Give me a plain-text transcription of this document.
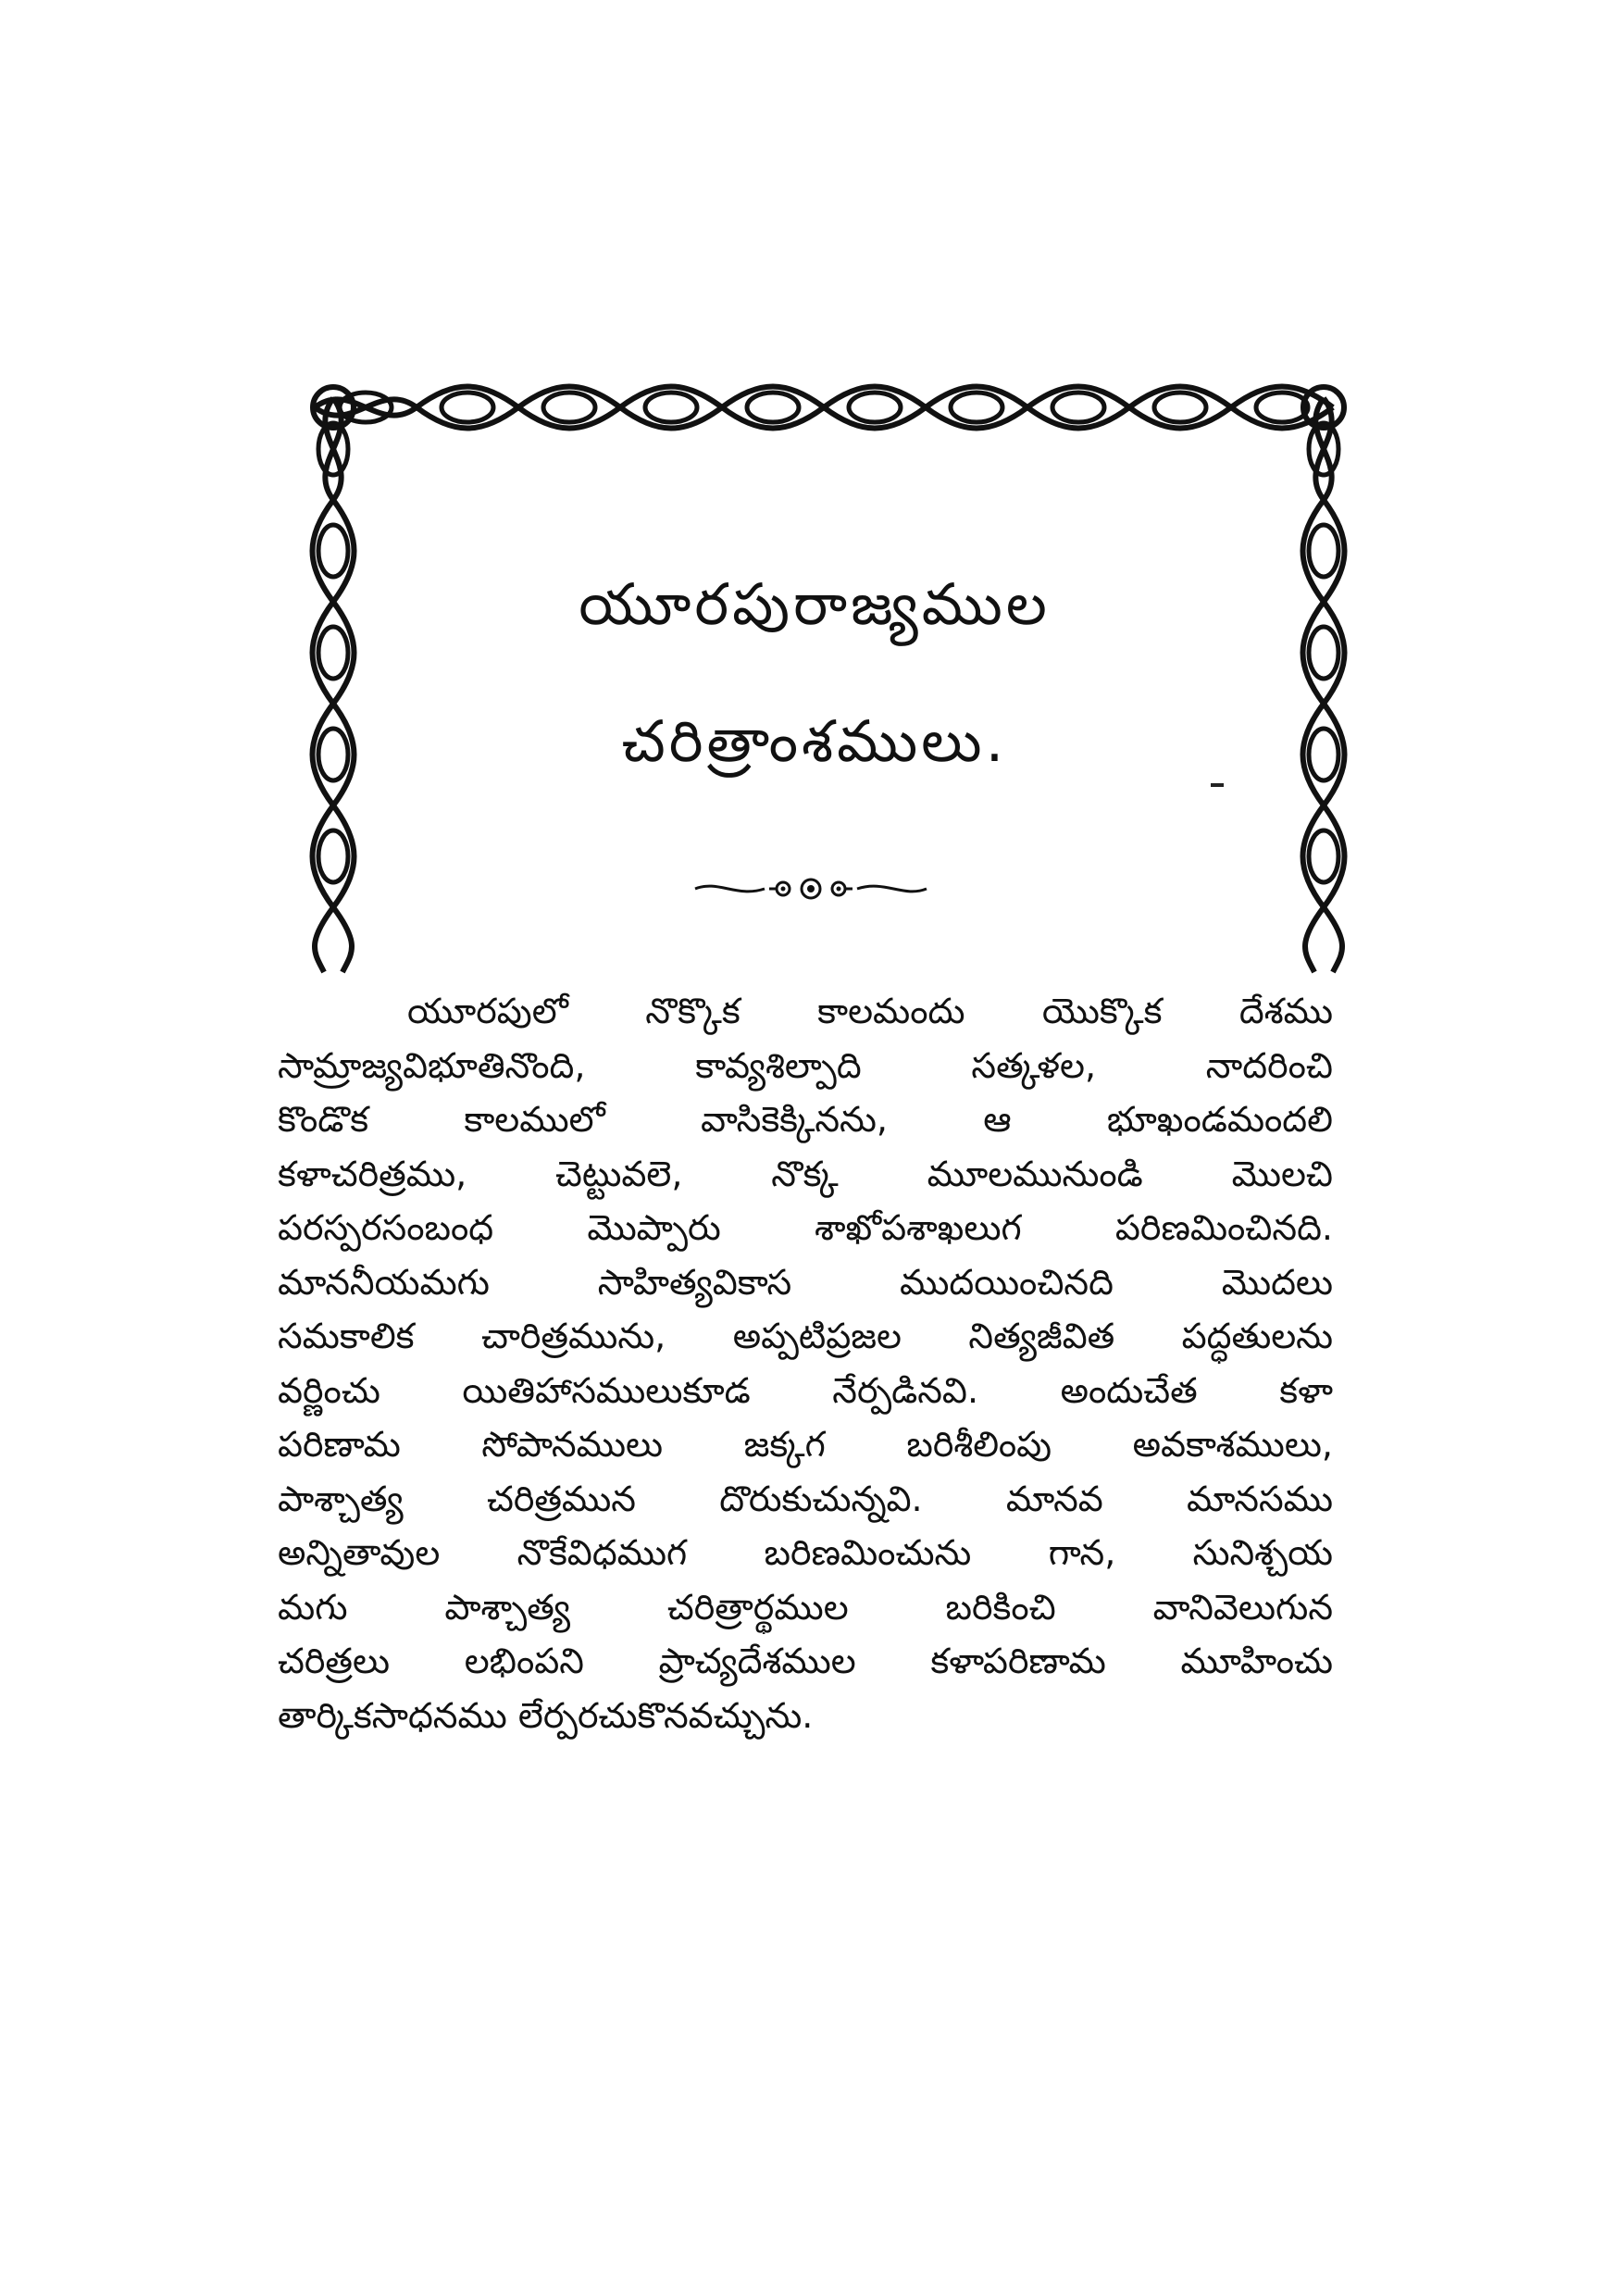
యూరపురాజ్యముల
చరిత్రాంశములు.
యూరపులో నొక్కొక కాలమందు యొక్కొక దేశము
సామ్రాజ్యవిభూతినొంది, కావ్యశిల్పాది సత్కళల, నాదరించి
కొండొక కాలములో వాసికెక్కినను, ఆ భూఖండమందలి
కళాచరిత్రము, చెట్టువలె, నొక్క మూలమునుండి మొలచి
పరస్పరసంబంధ మొప్పారు శాఖోపశాఖలుగ పరిణమించినది.
మాననీయమగు సాహిత్యవికాస ముదయించినది మొదలు
సమకాలిక చారిత్రమును, అప్పటిప్రజల నిత్యజీవిత పద్ధతులను
వర్ణించు యితిహాసములుకూడ నేర్పడినవి. అందుచేత కళా
పరిణామ సోపానములు జక్కగ బరిశీలింపు అవకాశములు,
పాశ్చాత్య చరిత్రమున దొరుకుచున్నవి. మానవ మానసము
అన్నితావుల నొకేవిధముగ బరిణమించును గాన, సునిశ్చయ
మగు పాశ్చాత్య చరిత్రార్థముల బరికించి వానివెలుగున
చరిత్రలు లభింపని ప్రాచ్యదేశముల కళాపరిణామ మూహించు
తార్కికసాధనము లేర్పరచుకొనవచ్చును.
